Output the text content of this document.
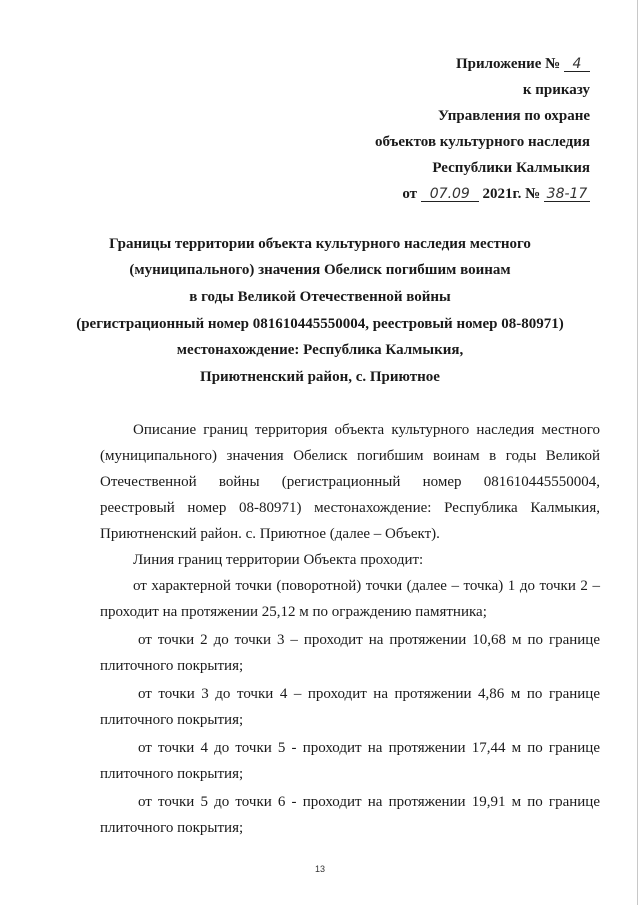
Приложение № 4
к приказу
Управления по охране
объектов культурного наследия
Республики Калмыкия
от 07.09 2021г. № 38-17
Границы территории объекта культурного наследия местного
(муниципального) значения Обелиск погибшим воинам
в годы Великой Отечественной войны
(регистрационный номер 081610445550004, реестровый номер 08-80971)
местонахождение: Республика Калмыкия,
Приютненский район, с. Приютное
Описание границ территория объекта культурного наследия местного
(муниципального) значения Обелиск погибшим воинам в годы Великой
Отечественной войны (регистрационный номер 081610445550004,
реестровый номер 08-80971) местонахождение: Республика Калмыкия,
Приютненский район. с. Приютное (далее – Объект).
Линия границ территории Объекта проходит:
от характерной точки (поворотной) точки (далее – точка) 1 до точки 2 –
проходит на протяжении 25,12 м по ограждению памятника;
от точки 2 до точки 3 – проходит на протяжении 10,68 м по границе
плиточного покрытия;
от точки 3 до точки 4 – проходит на протяжении 4,86 м по границе
плиточного покрытия;
от точки 4 до точки 5 - проходит на протяжении 17,44 м по границе
плиточного покрытия;
от точки 5 до точки 6 - проходит на протяжении 19,91 м по границе
плиточного покрытия;
13
